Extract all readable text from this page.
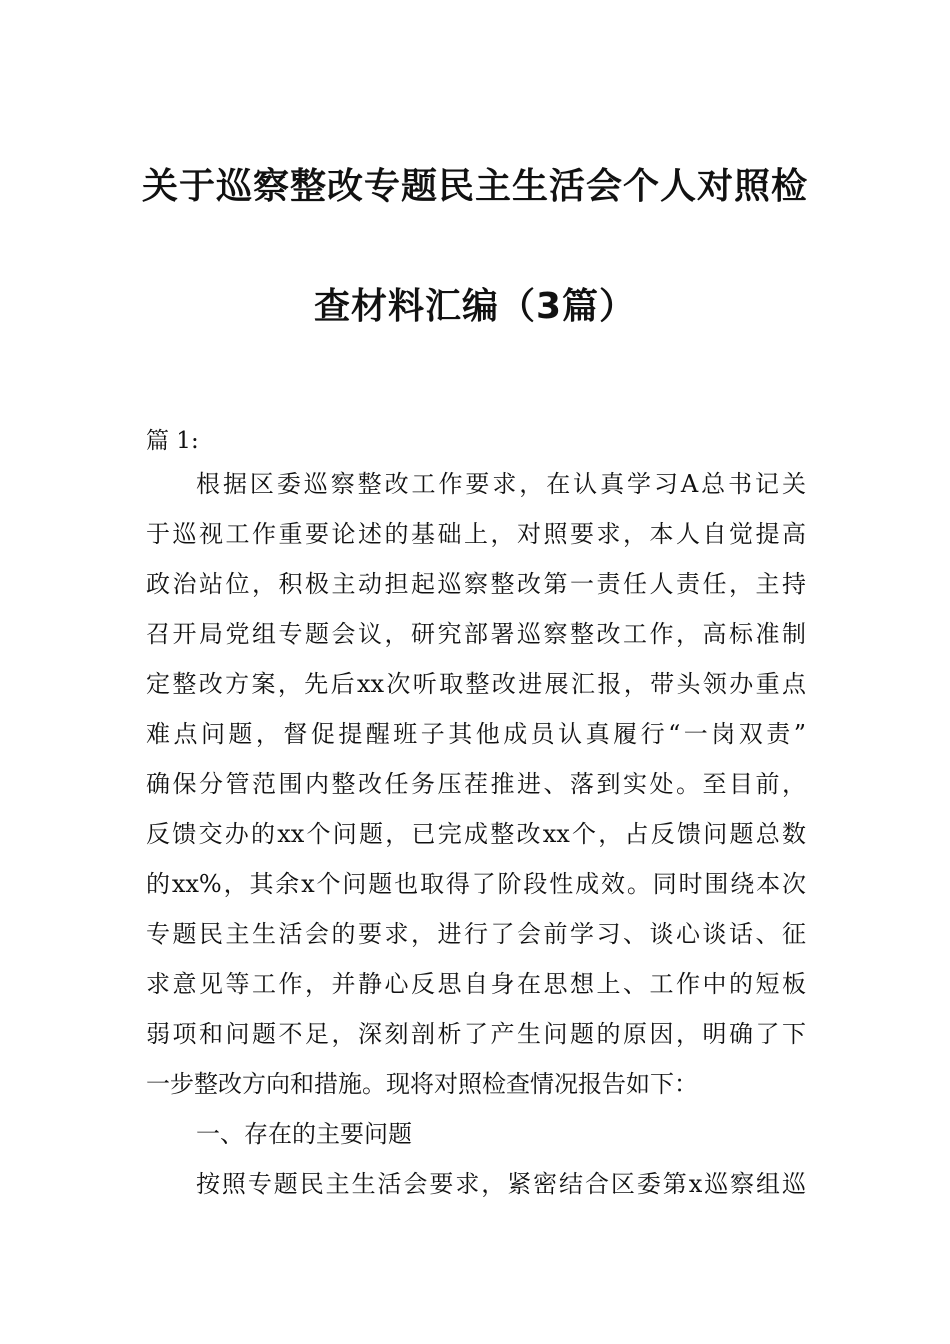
关于巡察整改专题民主生活会个人对照检
查材料汇编（3篇）
篇 1:
根据区委巡察整改工作要求，在认真学习A总书记关
于巡视工作重要论述的基础上，对照要求，本人自觉提高
政治站位，积极主动担起巡察整改第一责任人责任，主持
召开局党组专题会议，研究部署巡察整改工作，高标准制
定整改方案，先后xx次听取整改进展汇报，带头领办重点
难点问题，督促提醒班子其他成员认真履行“一岗双责”
确保分管范围内整改任务压茬推进、落到实处。至目前，
反馈交办的xx个问题，已完成整改xx个，占反馈问题总数
的xx%，其余x个问题也取得了阶段性成效。同时围绕本次
专题民主生活会的要求，进行了会前学习、谈心谈话、征
求意见等工作，并静心反思自身在思想上、工作中的短板
弱项和问题不足，深刻剖析了产生问题的原因，明确了下
一步整改方向和措施。现将对照检查情况报告如下：
一、存在的主要问题
按照专题民主生活会要求，紧密结合区委第x巡察组巡
